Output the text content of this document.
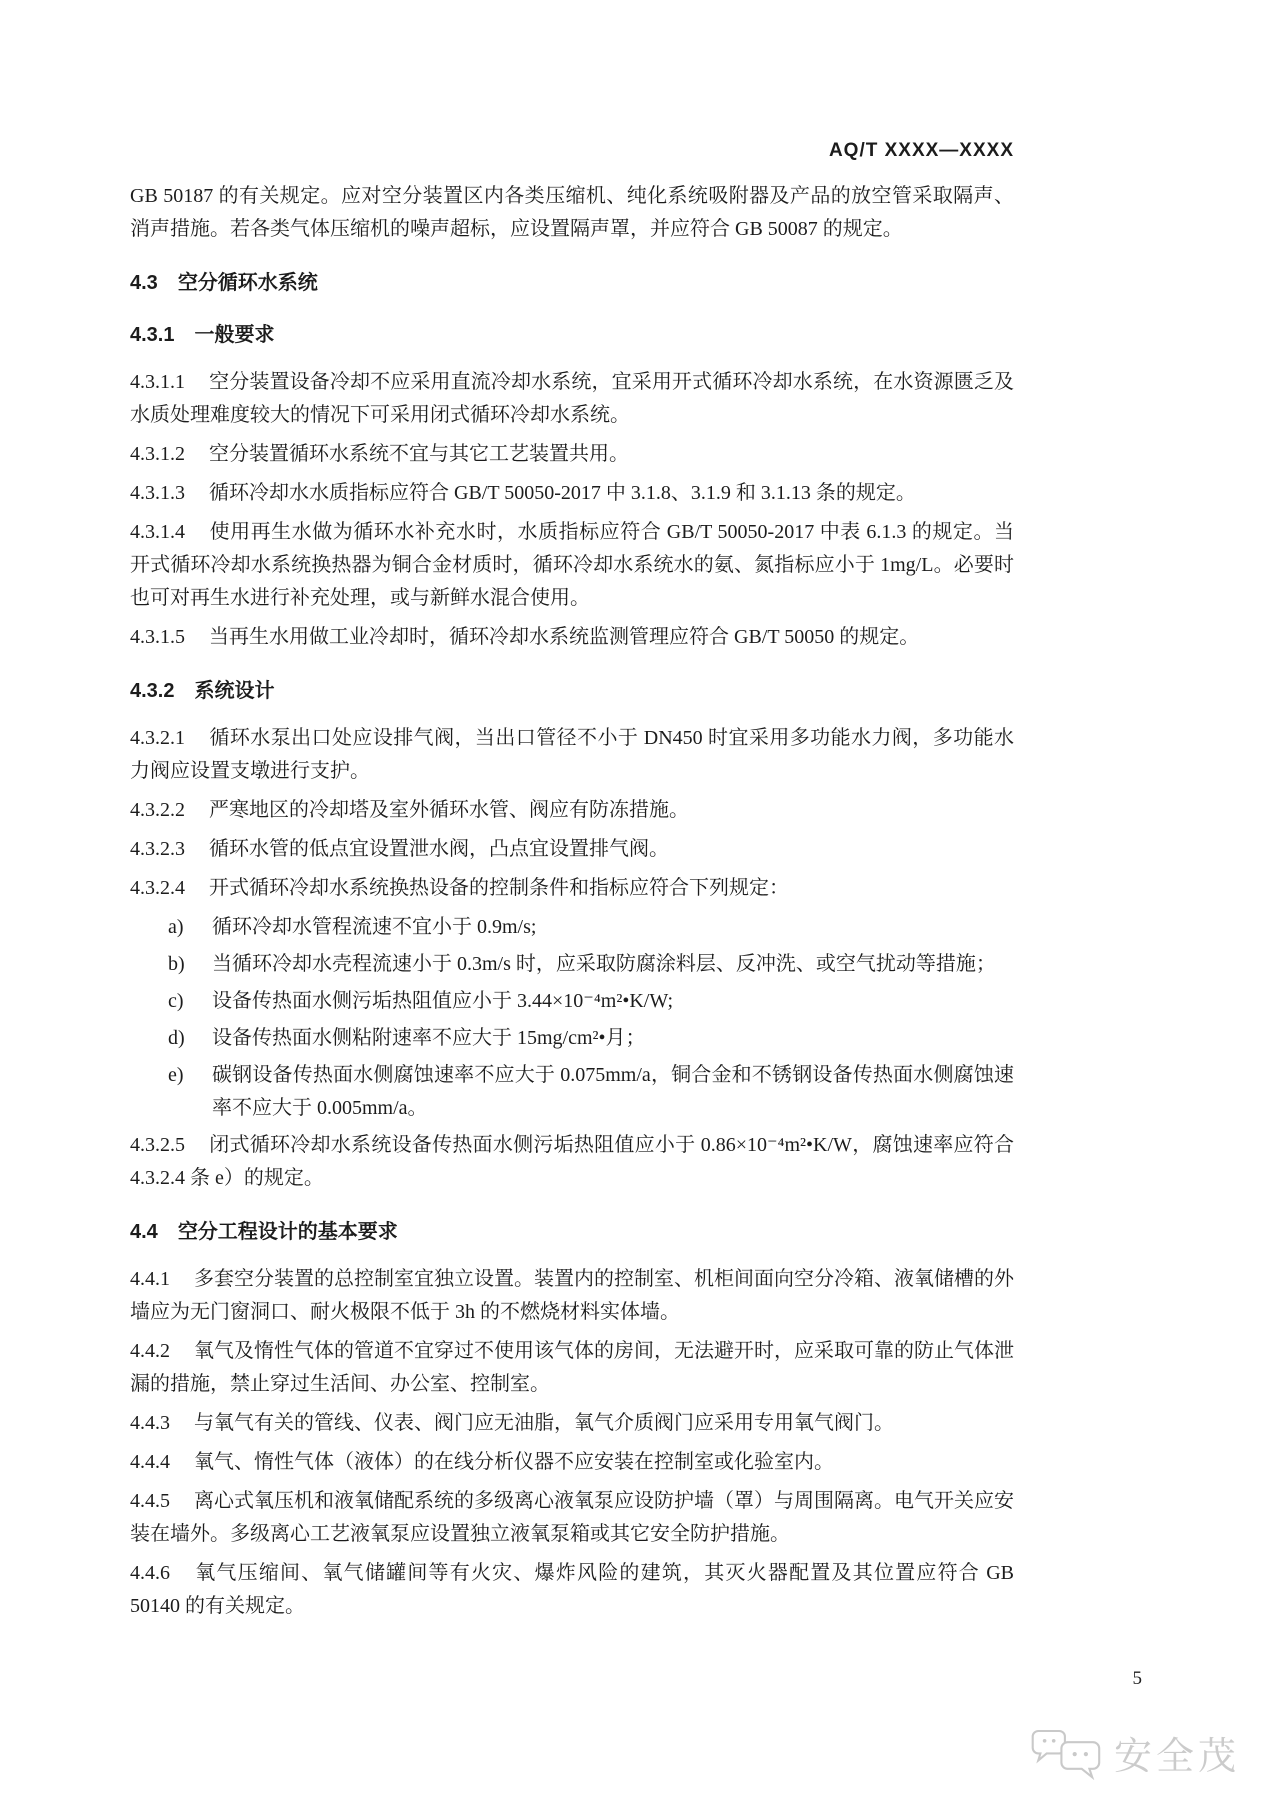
AQ/T XXXX—XXXX

GB 50187 的有关规定。应对空分装置区内各类压缩机、纯化系统吸附器及产品的放空管采取隔声、消声措施。若各类气体压缩机的噪声超标，应设置隔声罩，并应符合 GB 50087 的规定。

4.3 空分循环水系统
4.3.1 一般要求

4.3.1.1 空分装置设备冷却不应采用直流冷却水系统，宜采用开式循环冷却水系统，在水资源匮乏及水质处理难度较大的情况下可采用闭式循环冷却水系统。

4.3.1.2 空分装置循环水系统不宜与其它工艺装置共用。

4.3.1.3 循环冷却水水质指标应符合 GB/T 50050-2017 中 3.1.8、3.1.9 和 3.1.13 条的规定。

4.3.1.4 使用再生水做为循环水补充水时，水质指标应符合 GB/T 50050-2017 中表 6.1.3 的规定。当开式循环冷却水系统换热器为铜合金材质时，循环冷却水系统水的氨、氮指标应小于 1mg/L。必要时也可对再生水进行补充处理，或与新鲜水混合使用。

4.3.1.5 当再生水用做工业冷却时，循环冷却水系统监测管理应符合 GB/T 50050 的规定。

4.3.2 系统设计

4.3.2.1 循环水泵出口处应设排气阀，当出口管径不小于 DN450 时宜采用多功能水力阀，多功能水力阀应设置支墩进行支护。

4.3.2.2 严寒地区的冷却塔及室外循环水管、阀应有防冻措施。

4.3.2.3 循环水管的低点宜设置泄水阀，凸点宜设置排气阀。

4.3.2.4 开式循环冷却水系统换热设备的控制条件和指标应符合下列规定：

a) 循环冷却水管程流速不宜小于 0.9m/s;

b) 当循环冷却水壳程流速小于 0.3m/s 时，应采取防腐涂料层、反冲洗、或空气扰动等措施；

c) 设备传热面水侧污垢热阻值应小于 3.44×10⁻⁴m²•K/W;

d) 设备传热面水侧粘附速率不应大于 15mg/cm²•月；

e) 碳钢设备传热面水侧腐蚀速率不应大于 0.075mm/a，铜合金和不锈钢设备传热面水侧腐蚀速率不应大于 0.005mm/a。

4.3.2.5 闭式循环冷却水系统设备传热面水侧污垢热阻值应小于 0.86×10⁻⁴m²•K/W，腐蚀速率应符合 4.3.2.4 条 e）的规定。

4.4 空分工程设计的基本要求

4.4.1 多套空分装置的总控制室宜独立设置。装置内的控制室、机柜间面向空分冷箱、液氧储槽的外墙应为无门窗洞口、耐火极限不低于 3h 的不燃烧材料实体墙。

4.4.2 氧气及惰性气体的管道不宜穿过不使用该气体的房间，无法避开时，应采取可靠的防止气体泄漏的措施，禁止穿过生活间、办公室、控制室。

4.4.3 与氧气有关的管线、仪表、阀门应无油脂，氧气介质阀门应采用专用氧气阀门。

4.4.4 氧气、惰性气体（液体）的在线分析仪器不应安装在控制室或化验室内。

4.4.5 离心式氧压机和液氧储配系统的多级离心液氧泵应设防护墙（罩）与周围隔离。电气开关应安装在墙外。多级离心工艺液氧泵应设置独立液氧泵箱或其它安全防护措施。

4.4.6 氧气压缩间、氧气储罐间等有火灾、爆炸风险的建筑，其灭火器配置及其位置应符合 GB 50140 的有关规定。

5
安全茂
